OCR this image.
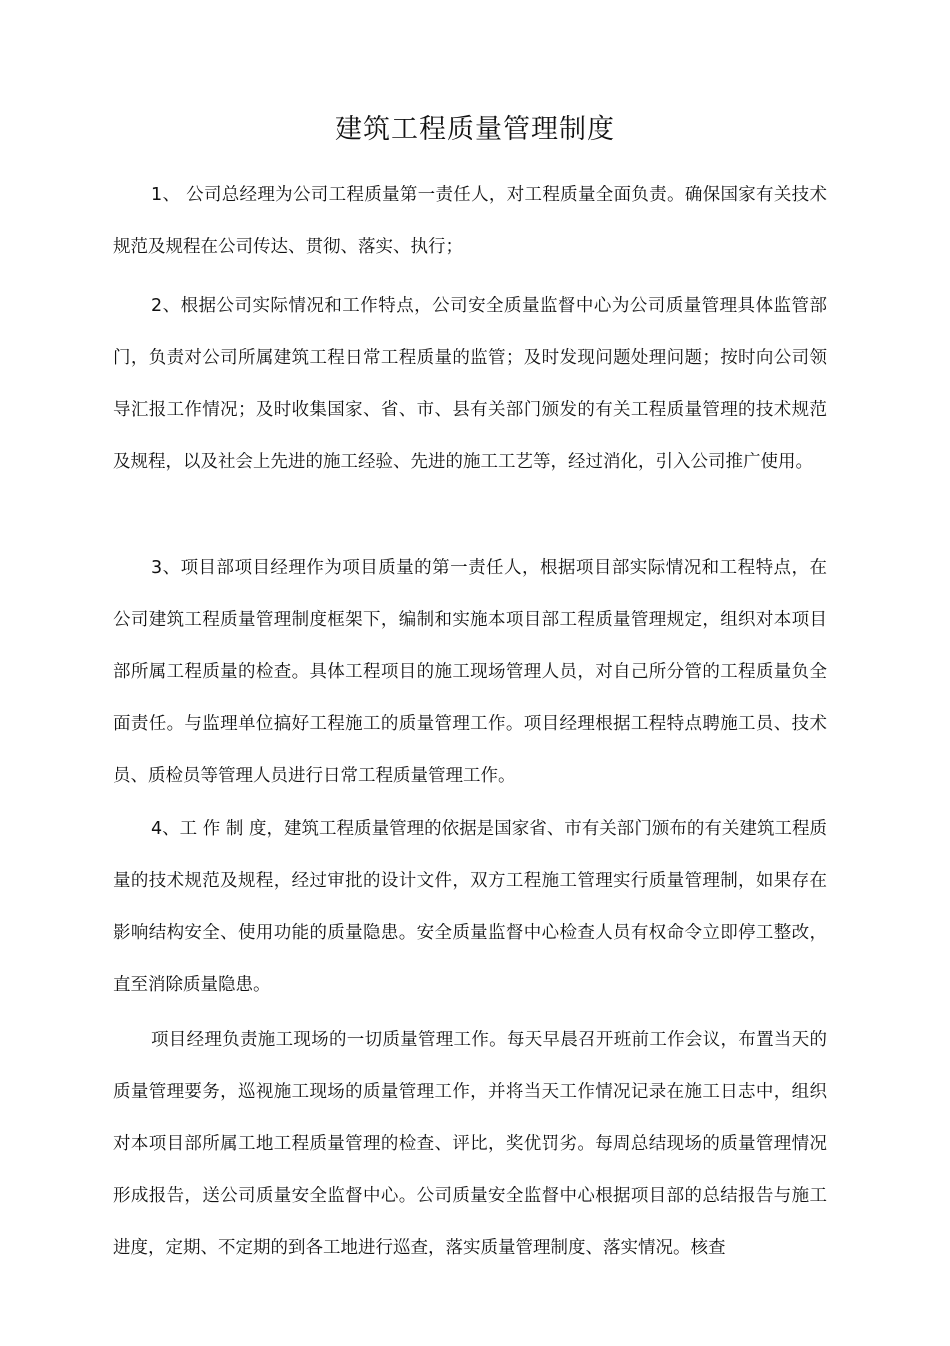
建筑工程质量管理制度

1、 公司总经理为公司工程质量第一责任人，对工程质量全面负责。确保国家有关技术规范及规程在公司传达、贯彻、落实、执行；

2、根据公司实际情况和工作特点，公司安全质量监督中心为公司质量管理具体监管部门，负责对公司所属建筑工程日常工程质量的监管；及时发现问题处理问题；按时向公司领导汇报工作情况；及时收集国家、省、市、县有关部门颁发的有关工程质量管理的技术规范及规程，以及社会上先进的施工经验、先进的施工工艺等，经过消化，引入公司推广使用。

3、项目部项目经理作为项目质量的第一责任人，根据项目部实际情况和工程特点，在公司建筑工程质量管理制度框架下，编制和实施本项目部工程质量管理规定，组织对本项目部所属工程质量的检查。具体工程项目的施工现场管理人员，对自己所分管的工程质量负全面责任。与监理单位搞好工程施工的质量管理工作。项目经理根据工程特点聘施工员、技术员、质检员等管理人员进行日常工程质量管理工作。

4、工 作 制 度，建筑工程质量管理的依据是国家省、市有关部门颁布的有关建筑工程质量的技术规范及规程，经过审批的设计文件，双方工程施工管理实行质量管理制，如果存在影响结构安全、使用功能的质量隐患。安全质量监督中心检查人员有权命令立即停工整改，直至消除质量隐患。

项目经理负责施工现场的一切质量管理工作。每天早晨召开班前工作会议，布置当天的质量管理要务，巡视施工现场的质量管理工作，并将当天工作情况记录在施工日志中，组织对本项目部所属工地工程质量管理的检查、评比，奖优罚劣。每周总结现场的质量管理情况形成报告，送公司质量安全监督中心。公司质量安全监督中心根据项目部的总结报告与施工进度，定期、不定期的到各工地进行巡查，落实质量管理制度、落实情况。核查
